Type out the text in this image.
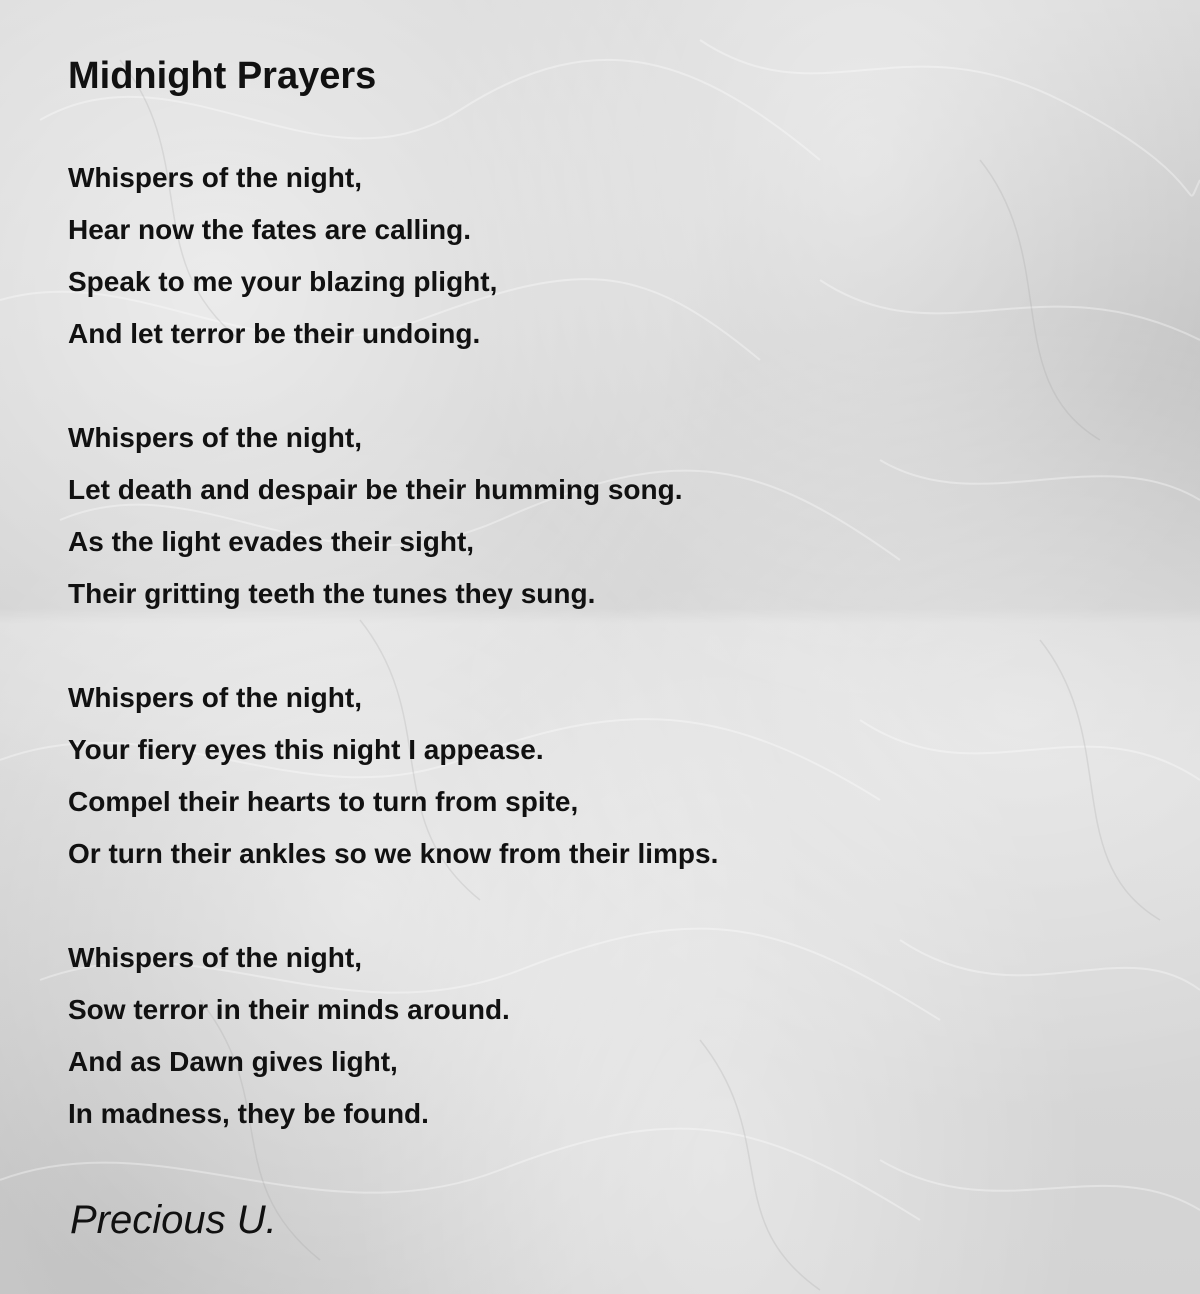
Midnight Prayers
Whispers of the night,
Hear now the fates are calling.
Speak to me your blazing plight,
And let terror be their undoing.
Whispers of the night,
Let death and despair be their humming song.
As the light evades their sight,
Their gritting teeth the tunes they sung.
Whispers of the night,
Your fiery eyes this night I appease.
Compel their hearts to turn from spite,
Or turn their ankles so we know from their limps.
Whispers of the night,
Sow terror in their minds around.
And as Dawn gives light,
In madness, they be found.
Precious U.
